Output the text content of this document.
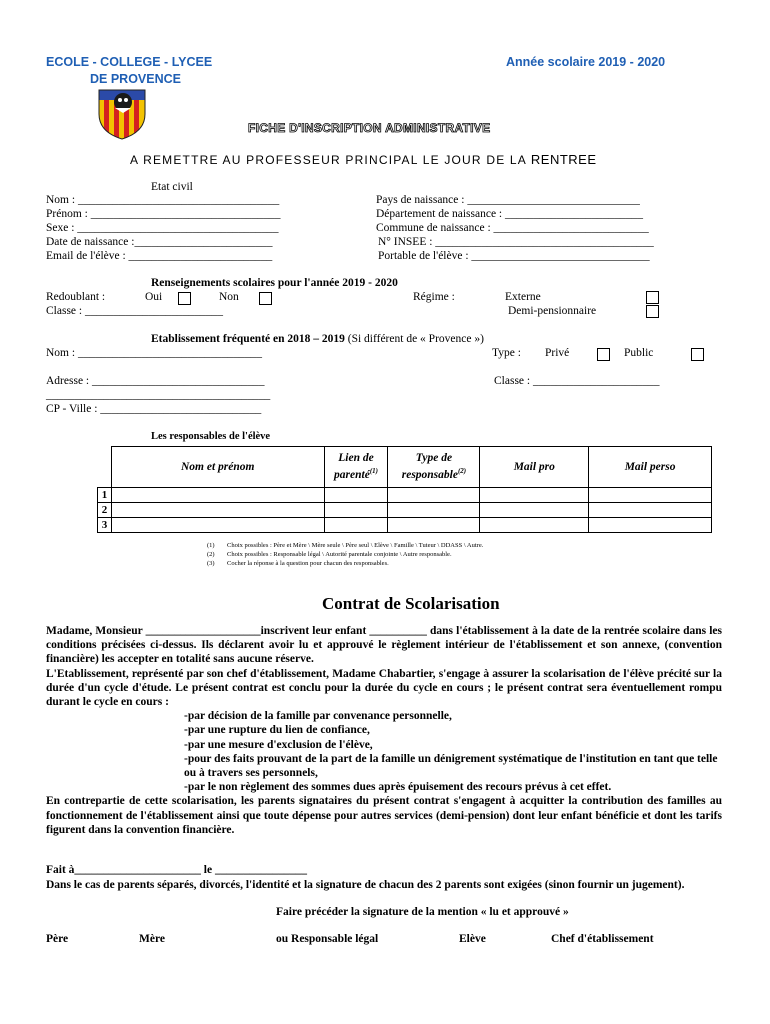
ECOLE - COLLEGE - LYCEE
DE PROVENCE
Année scolaire 2019 - 2020
FICHE D'INSCRIPTION ADMINISTRATIVE
A REMETTRE AU PROFESSEUR PRINCIPAL LE JOUR DE LA RENTREE
Etat civil
Nom : ___________________________________
Prénom : _________________________________
Sexe : ___________________________________
Date de naissance :________________________
Email de l'élève : _________________________
Pays de naissance : ______________________________
Département de naissance : ________________________
Commune de naissance : ___________________________
N° INSEE : ______________________________________
Portable de l'élève : _______________________________
Renseignements scolaires pour l'année 2019 - 2020
Redoublant :	Oui	Non	Régime :	Externe
Classe : ________________________	Demi-pensionnaire
Etablissement fréquenté en 2018 – 2019 (Si différent de « Provence »)
Nom : ________________________________	Type : Privé	Public
Adresse : ______________________________	Classe : ______________________
_______________________________________
CP - Ville : ____________________________
Les responsables de l'élève
	Nom et prénom	Lien de parenté$^{(1)}$	Type de responsable$^{(2)}$	Mail pro	Mail perso
1					
2					
3					
(1) Choix possibles : Père et Mère \ Mère seule \ Père seul \ Elève \ Famille \ Tuteur \ DDASS \ Autre.
(2) Choix possibles : Responsable légal \ Autorité parentale conjointe \ Autre responsable.
(3) Cocher la réponse à la question pour chacun des responsables.
Contrat de Scolarisation

Madame, Monsieur ____________________inscrivent leur enfant __________ dans l'établissement à la date de la rentrée scolaire dans les conditions précisées ci-dessus. Ils déclarent avoir lu et approuvé le règlement intérieur de l'établissement et son annexe, (convention financière) les accepter en totalité sans aucune réserve.

L'Etablissement, représenté par son chef d'établissement, Madame Chabartier, s'engage à assurer la scolarisation de l'élève précité sur la durée d'un cycle d'étude. Le présent contrat est conclu pour la durée du cycle en cours ; le présent contrat sera éventuellement rompu durant le cycle en cours :

-par décision de la famille par convenance personnelle,

-par une rupture du lien de confiance,

-par une mesure d'exclusion de l'élève,

-pour des faits prouvant de la part de la famille un dénigrement systématique de l'institution en tant que telle ou à travers ses personnels,

-par le non règlement des sommes dues après épuisement des recours prévus à cet effet.

En contrepartie de cette scolarisation, les parents signataires du présent contrat s'engagent à acquitter la contribution des familles au fonctionnement de l'établissement ainsi que toute dépense pour autres services (demi-pension) dont leur enfant bénéficie et dont les tarifs figurent dans la convention financière.

Fait à______________________ le ________________
Dans le cas de parents séparés, divorcés, l'identité et la signature de chacun des 2 parents sont exigées (sinon fournir un jugement).
Faire précéder la signature de la mention « lu et approuvé »
Père	Mère	ou Responsable légal	Elève	Chef d'établissement
